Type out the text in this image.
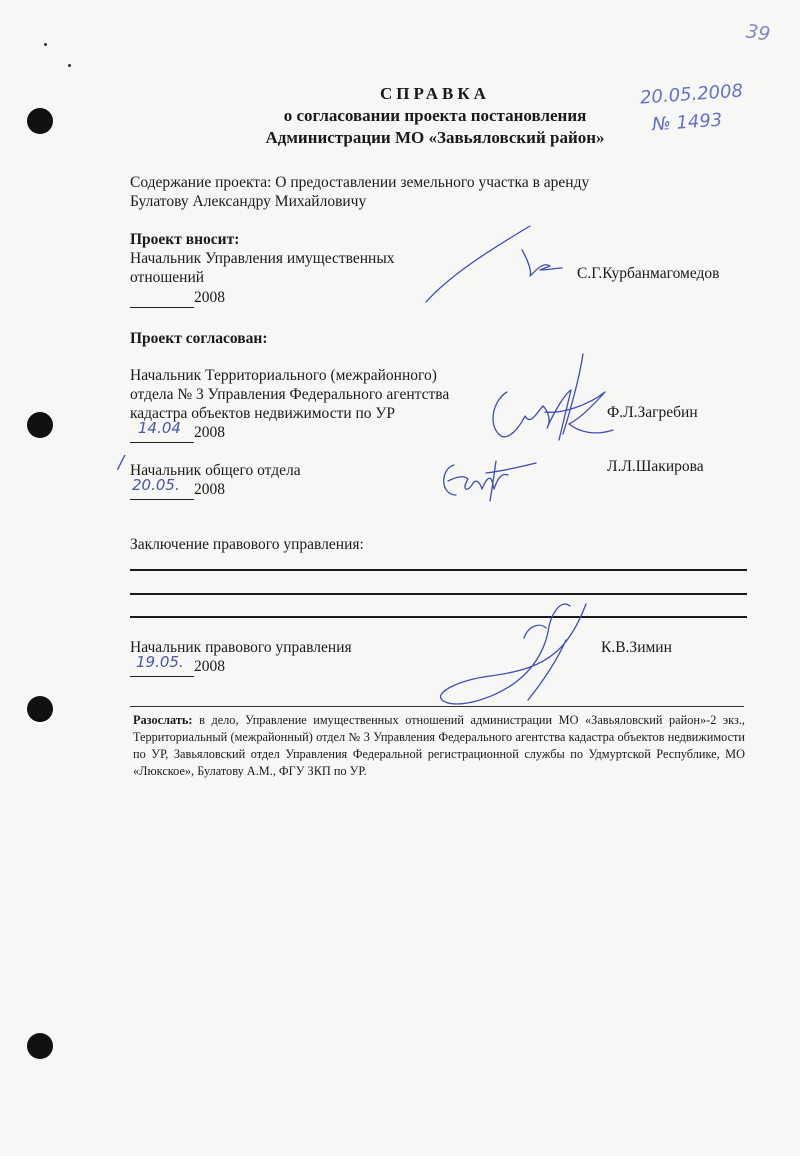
39
20.05.2008
№ 1493
СПРАВКА
о согласовании проекта постановления
Администрации МО «Завьяловский район»
Содержание проекта: О предоставлении земельного участка в аренду
Булатову Александру Михайловичу
Проект вносит:
Начальник Управления имущественных
отношений
2008
С.Г.Курбанмагомедов
Проект согласован:
Начальник Территориального (межрайонного)
отдела № 3 Управления Федерального агентства
кадастра объектов недвижимости по УР

14.04 2008
Ф.Л.Загребин
/ Начальник общего отдела

20.05. 2008
Л.Л.Шакирова
Заключение правового управления:
Начальник правового управления

19.05. 2008
К.В.Зимин
Разослать: в дело, Управление имущественных отношений администрации МО «Завьяловский район»-2 экз., Территориальный (межрайонный) отдел № 3 Управления Федерального агентства кадастра объектов недвижимости по УР, Завьяловский отдел Управления Федеральной регистрационной службы по Удмуртской Республике, МО «Люкское», Булатову А.М., ФГУ ЗКП по УР.
